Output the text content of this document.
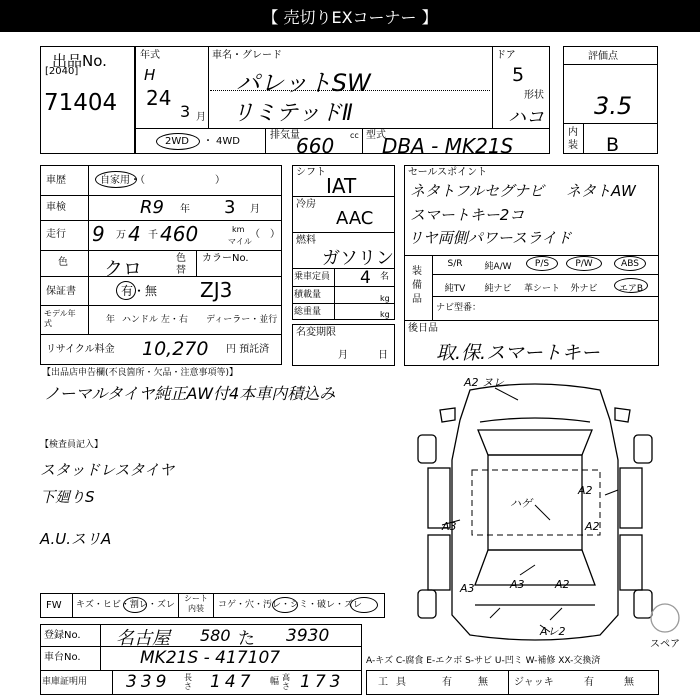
【 売切りEXコーナー 】
出品No.
[2040]
71404
年式
H
24
3 月
車名・グレード
パレットSW
リミテッドⅡ
ドア
5
形状
ハコ
2WD ・ 4WD
排気量
660 cc 型式
DBA - MK21S
評価点
3.5
内装 B
車歴	自家用・（　　　　　　　）
車検	R9 年 3 月
走行 9 万 4 千 460	km
マイル
（　）
色 クロ	色替
カラーNo.
保証書	有・無 ZJ3
モデル年式	年 ハンドル 左・右 ディーラー・並行
リサイクル料金 10,270 円 預託済
シフト
IAT
冷房
AAC
燃料
ガソリン
乗車定員 4 名
積載量	kg
総重量	kg
名変期限
月	日
セールスポイント
ネタトフルセグナビ ネタトAW
スマートキー2コ
リヤ両側パワースライド
装備品
S/R	純A/W	P/S	P/W	ABS
純TV	純ナビ	革シート	外ナビ	エアB
ナビ型番：
後日品
取.保.スマートキー
【出品店申告欄(不良箇所・欠品・注意事項等)】
ノーマルタイヤ純正AW付4本車内積込み
【検査員記入】
スタッドレスタイヤ
下廻りS
A.U.スリA
FW キズ・ヒビ・割レ・ズレ
シート内装	コゲ・穴・汚レ・シミ・破レ・ズレ
登録No. 名古屋 580 た 3930
車台No.	MK21S - 417107
車庫証明用 339 長さ 147 幅 高さ 173
A-キズ C-腐食 E-エクボ S-サビ U-凹ミ W-補修 XX-交換済
工具	有	無	ジャッキ	有	無
A2 ヌレ
ハゲ
A2
A3	A2
A3	A3	A2
Aレ2
スペア
